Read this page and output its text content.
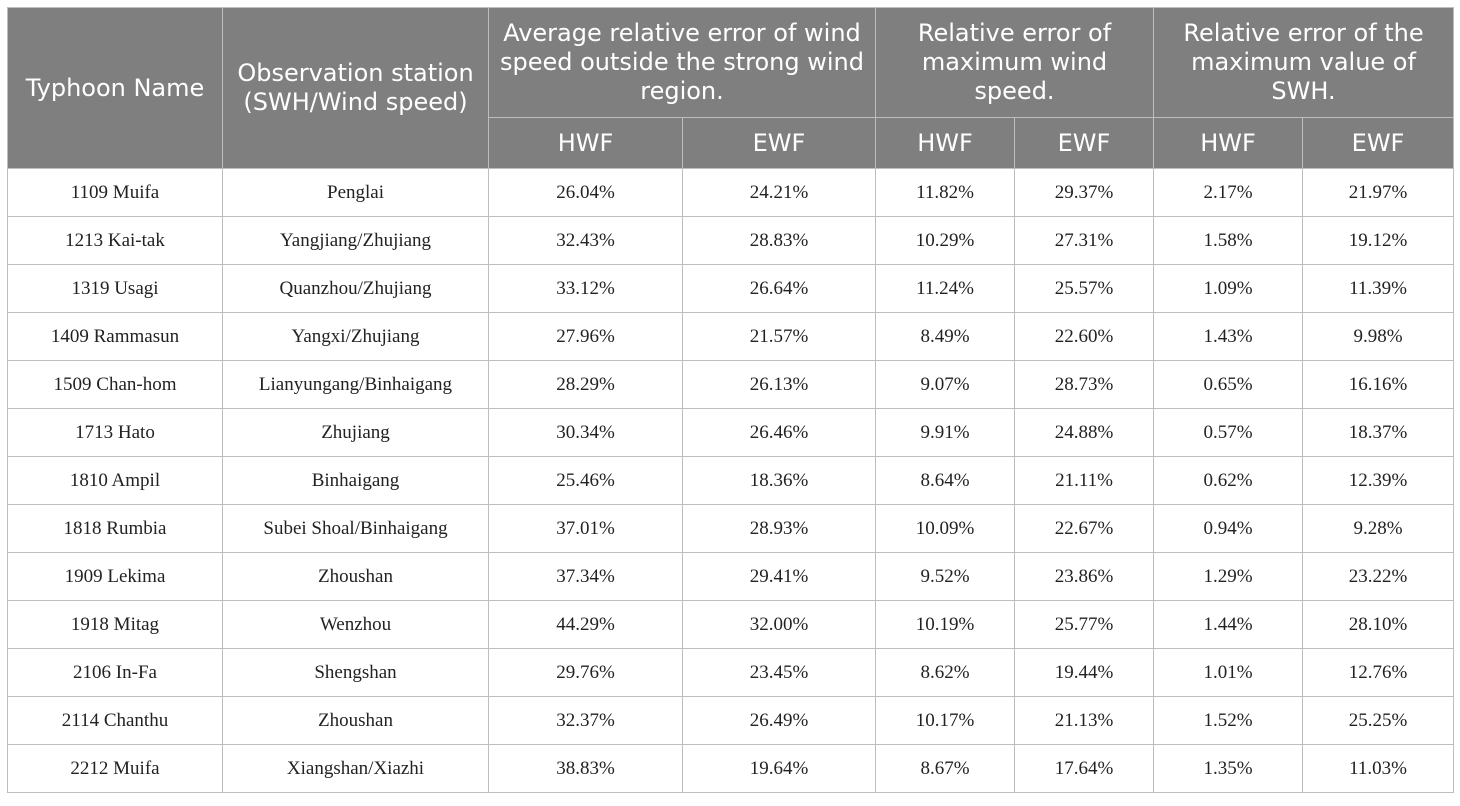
Typhoon Name	Observation station (SWH/Wind speed)	Average relative error of wind speed outside the strong wind region.		Relative error of maximum wind speed.		Relative error of the maximum value of SWH.	
		HWF	EWF	HWF	EWF	HWF	EWF
1109 Muifa	Penglai	26.04%	24.21%	11.82%	29.37%	2.17%	21.97%
1213 Kai-tak	Yangjiang/Zhujiang	32.43%	28.83%	10.29%	27.31%	1.58%	19.12%
1319 Usagi	Quanzhou/Zhujiang	33.12%	26.64%	11.24%	25.57%	1.09%	11.39%
1409 Rammasun	Yangxi/Zhujiang	27.96%	21.57%	8.49%	22.60%	1.43%	9.98%
1509 Chan-hom	Lianyungang/Binhaigang	28.29%	26.13%	9.07%	28.73%	0.65%	16.16%
1713 Hato	Zhujiang	30.34%	26.46%	9.91%	24.88%	0.57%	18.37%
1810 Ampil	Binhaigang	25.46%	18.36%	8.64%	21.11%	0.62%	12.39%
1818 Rumbia	Subei Shoal/Binhaigang	37.01%	28.93%	10.09%	22.67%	0.94%	9.28%
1909 Lekima	Zhoushan	37.34%	29.41%	9.52%	23.86%	1.29%	23.22%
1918 Mitag	Wenzhou	44.29%	32.00%	10.19%	25.77%	1.44%	28.10%
2106 In-Fa	Shengshan	29.76%	23.45%	8.62%	19.44%	1.01%	12.76%
2114 Chanthu	Zhoushan	32.37%	26.49%	10.17%	21.13%	1.52%	25.25%
2212 Muifa	Xiangshan/Xiazhi	38.83%	19.64%	8.67%	17.64%	1.35%	11.03%
